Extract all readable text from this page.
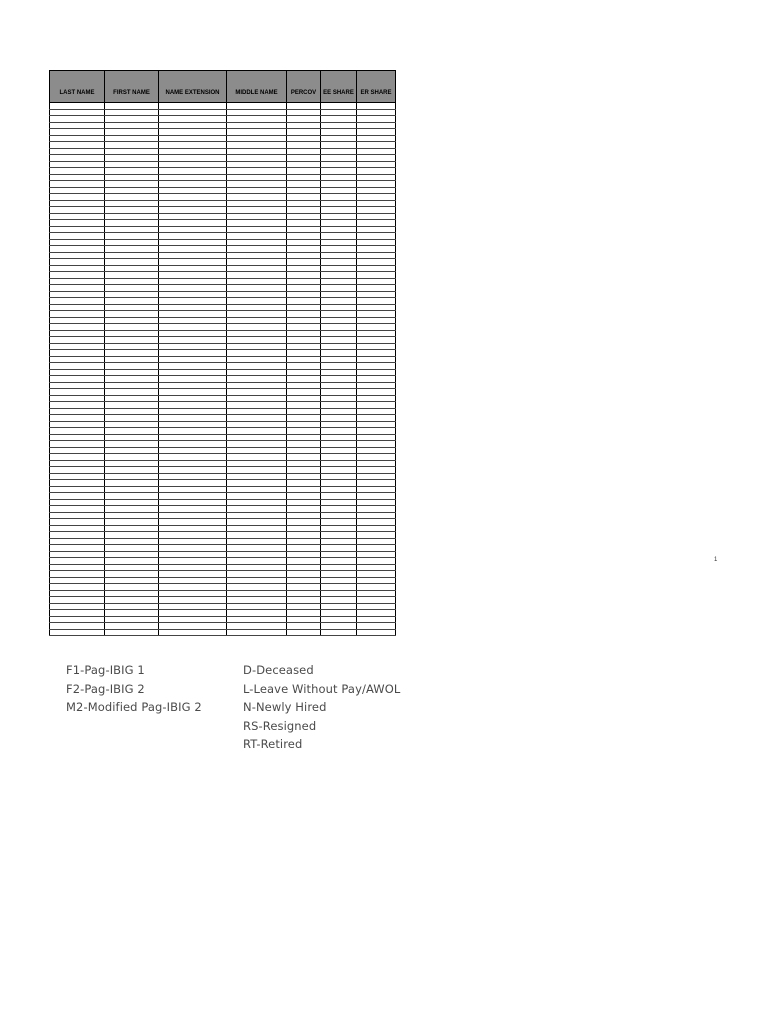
LAST NAME	FIRST NAME	NAME EXTENSION	MIDDLE NAME	PERCOV	EE SHARE	ER SHARE

1
F1-Pag-IBIG 1
F2-Pag-IBIG 2
M2-Modified Pag-IBIG 2
D-Deceased
L-Leave Without Pay/AWOL
N-Newly Hired
RS-Resigned
RT-Retired
